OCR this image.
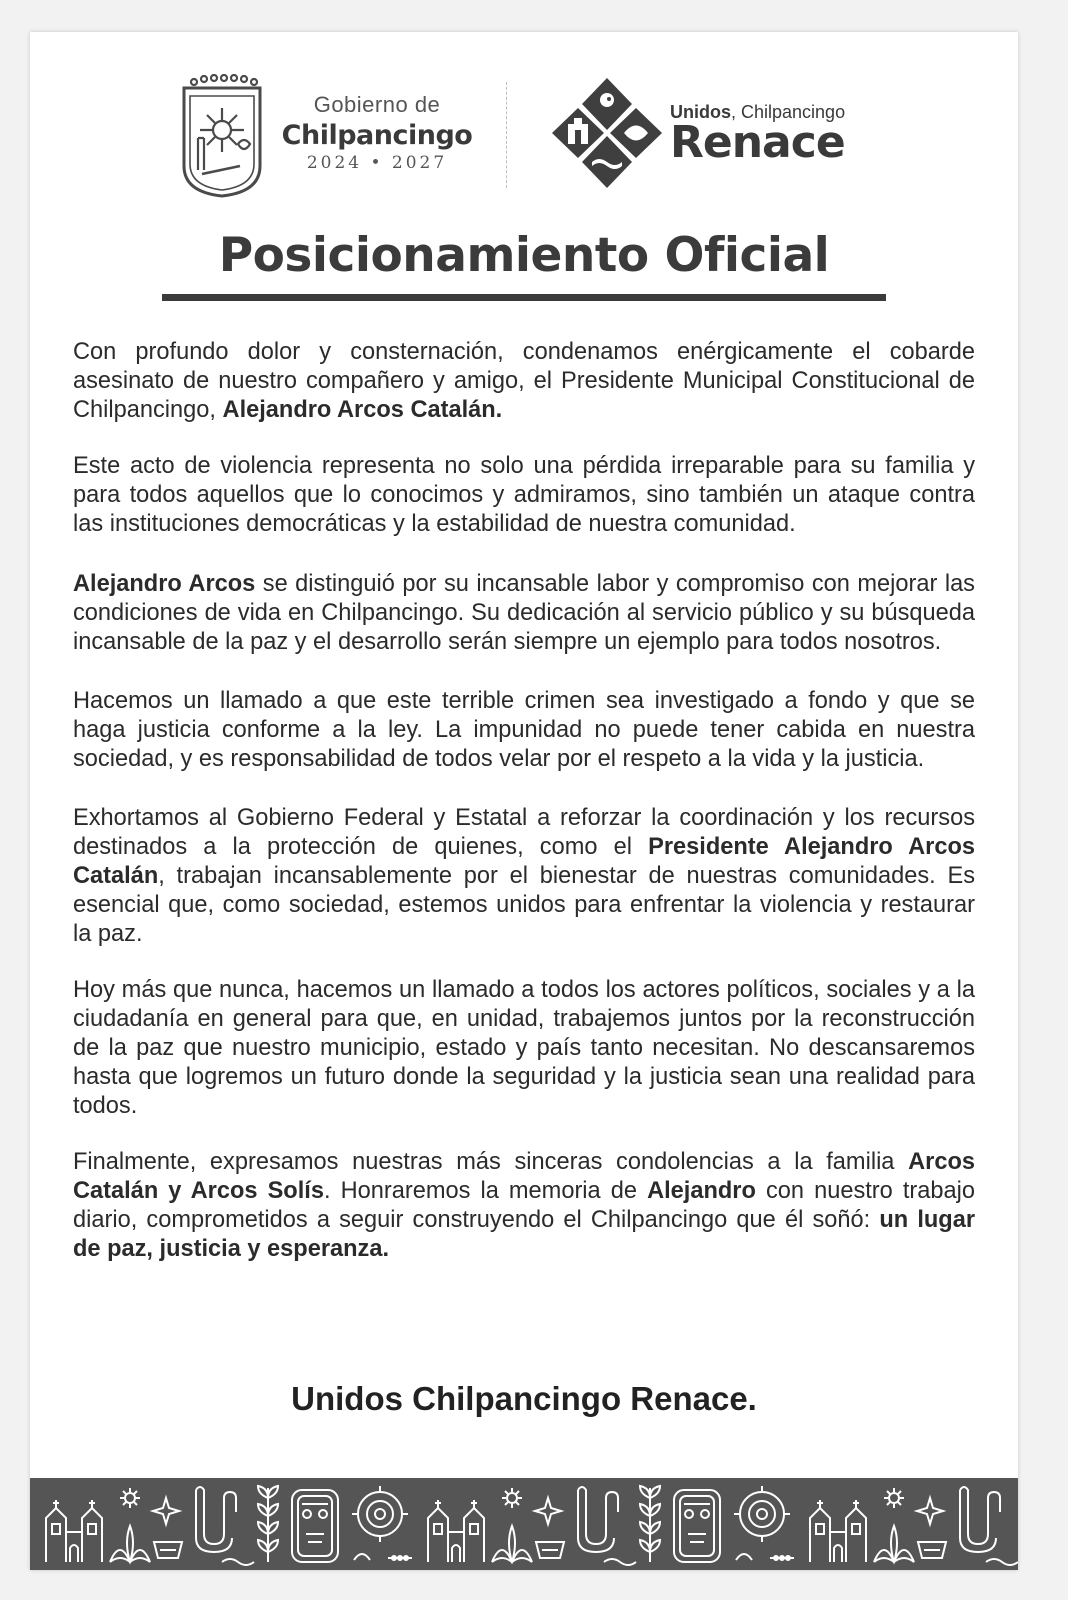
Gobierno de
Chilpancingo
2024 • 2027
Unidos, Chilpancingo
Renace
Posicionamiento Oficial

Con profundo dolor y consternación, condenamos enérgicamente el cobarde asesinato de nuestro compañero y amigo, el Presidente Municipal Constitucional de Chilpancingo, Alejandro Arcos Catalán.

Este acto de violencia representa no solo una pérdida irreparable para su familia y para todos aquellos que lo conocimos y admiramos, sino también un ataque contra las instituciones democráticas y la estabilidad de nuestra comunidad.

Alejandro Arcos se distinguió por su incansable labor y compromiso con mejorar las condiciones de vida en Chilpancingo. Su dedicación al servicio público y su búsqueda incansable de la paz y el desarrollo serán siempre un ejemplo para todos nosotros.

Hacemos un llamado a que este terrible crimen sea investigado a fondo y que se haga justicia conforme a la ley. La impunidad no puede tener cabida en nuestra sociedad, y es responsabilidad de todos velar por el respeto a la vida y la justicia.

Exhortamos al Gobierno Federal y Estatal a reforzar la coordinación y los recursos destinados a la protección de quienes, como el Presidente Alejandro Arcos Catalán, trabajan incansablemente por el bienestar de nuestras comunidades. Es esencial que, como sociedad, estemos unidos para enfrentar la violencia y restaurar la paz.

Hoy más que nunca, hacemos un llamado a todos los actores políticos, sociales y a la ciudadanía en general para que, en unidad, trabajemos juntos por la reconstrucción de la paz que nuestro municipio, estado y país tanto necesitan. No descansaremos hasta que logremos un futuro donde la seguridad y la justicia sean una realidad para todos.

Finalmente, expresamos nuestras más sinceras condolencias a la familia Arcos Catalán y Arcos Solís. Honraremos la memoria de Alejandro con nuestro trabajo diario, comprometidos a seguir construyendo el Chilpancingo que él soñó: un lugar de paz, justicia y esperanza.

Unidos Chilpancingo Renace.
